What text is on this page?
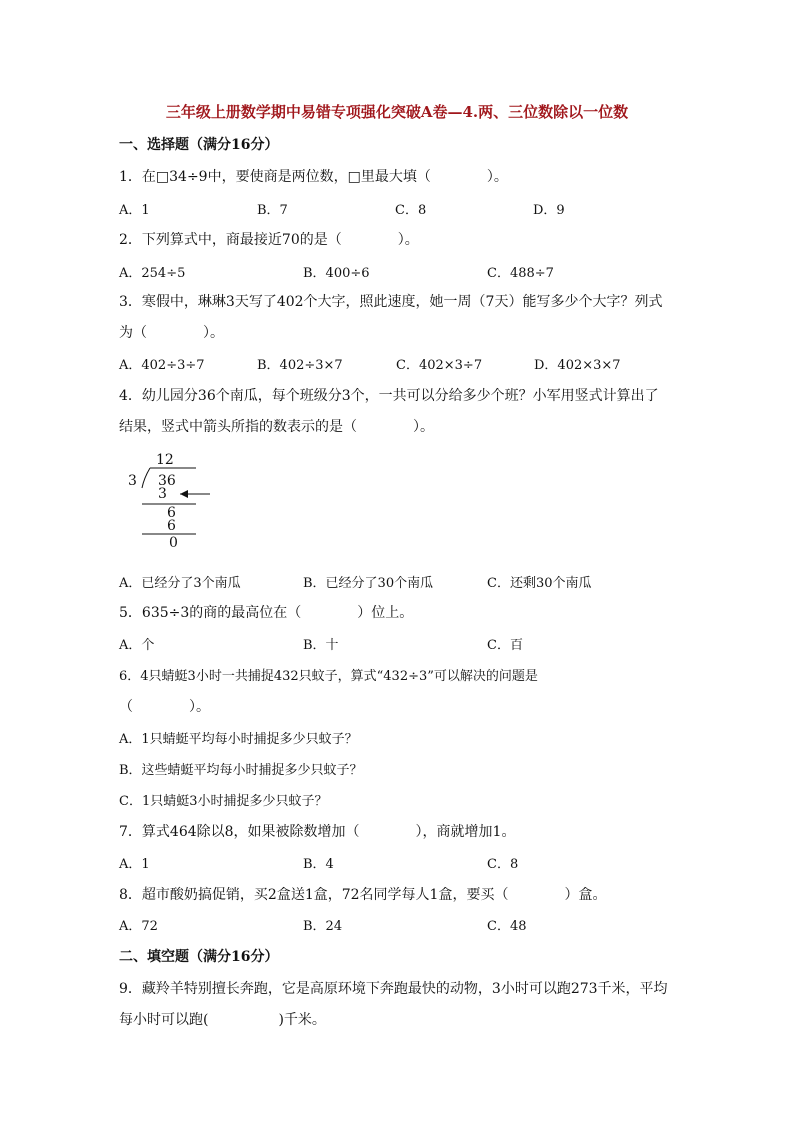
三年级上册数学期中易错专项强化突破A卷—4.两、三位数除以一位数
一、选择题（满分16分）
1．在□34÷9中，要使商是两位数，□里最大填（　　　　）。
A．1	B．7	C．8	D．9
2．下列算式中，商最接近70的是（　　　　）。
A．254÷5	B．400÷6	C．488÷7
3．寒假中，琳琳3天写了402个大字，照此速度，她一周（7天）能写多少个大字？列式
为（　　　　）。
A．402÷3÷7	B．402÷3×7	C．402×3÷7	D．402×3×7
4．幼儿园分36个南瓜，每个班级分3个，一共可以分给多少个班？小军用竖式计算出了
结果，竖式中箭头所指的数表示的是（　　　　）。
12
3 36
3
6
6
0
A．已经分了3个南瓜	B．已经分了30个南瓜	C．还剩30个南瓜
5．635÷3的商的最高位在（　　　　）位上。
A．个	B．十	C．百
6．4只蜻蜓3小时一共捕捉432只蚊子，算式“432÷3”可以解决的问题是
（　　　　）。
A．1只蜻蜓平均每小时捕捉多少只蚊子？
B．这些蜻蜓平均每小时捕捉多少只蚊子？
C．1只蜻蜓3小时捕捉多少只蚊子？
7．算式464除以8，如果被除数增加（　　　　），商就增加1。
A．1	B．4	C．8
8．超市酸奶搞促销，买2盒送1盒，72名同学每人1盒，要买（　　　　）盒。
A．72	B．24	C．48
二、填空题（满分16分）
9．藏羚羊特别擅长奔跑，它是高原环境下奔跑最快的动物，3小时可以跑273千米，平均
每小时可以跑(　　　　　)千米。
